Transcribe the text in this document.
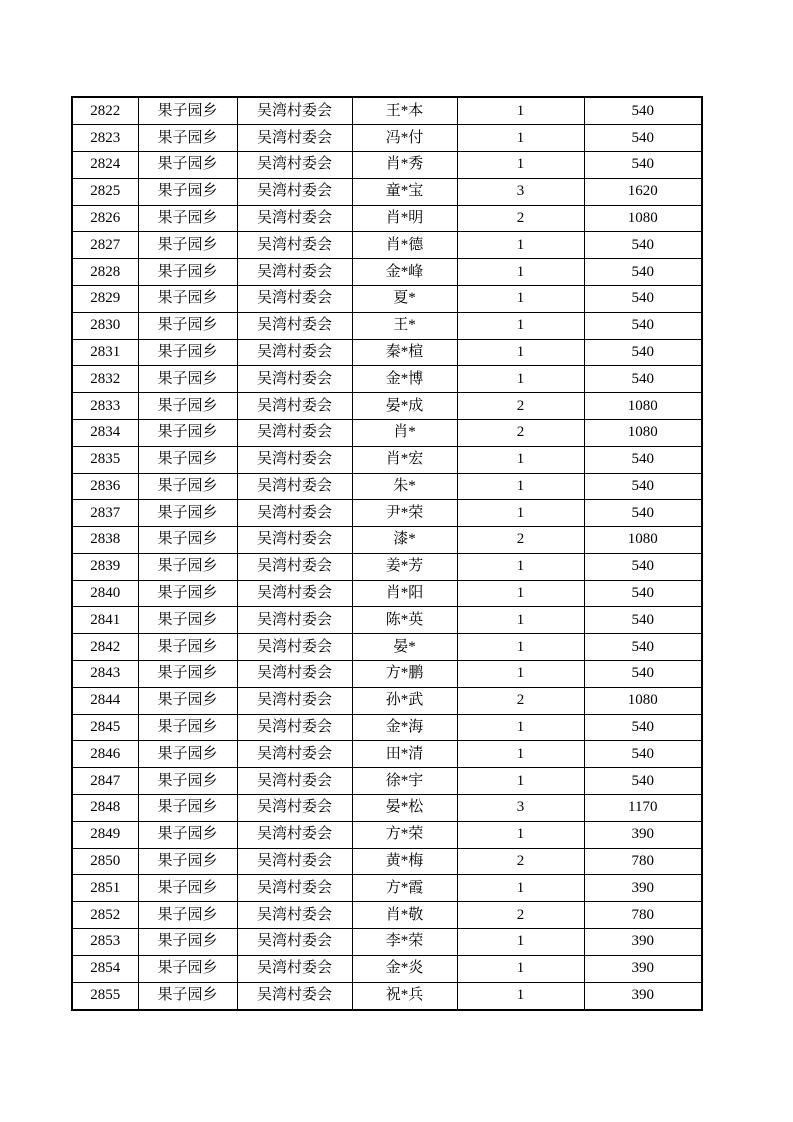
2822	果子园乡	吴湾村委会	王*本	1	540
2823	果子园乡	吴湾村委会	冯*付	1	540
2824	果子园乡	吴湾村委会	肖*秀	1	540
2825	果子园乡	吴湾村委会	童*宝	3	1620
2826	果子园乡	吴湾村委会	肖*明	2	1080
2827	果子园乡	吴湾村委会	肖*德	1	540
2828	果子园乡	吴湾村委会	金*峰	1	540
2829	果子园乡	吴湾村委会	夏*	1	540
2830	果子园乡	吴湾村委会	王*	1	540
2831	果子园乡	吴湾村委会	秦*楦	1	540
2832	果子园乡	吴湾村委会	金*博	1	540
2833	果子园乡	吴湾村委会	晏*成	2	1080
2834	果子园乡	吴湾村委会	肖*	2	1080
2835	果子园乡	吴湾村委会	肖*宏	1	540
2836	果子园乡	吴湾村委会	朱*	1	540
2837	果子园乡	吴湾村委会	尹*荣	1	540
2838	果子园乡	吴湾村委会	漆*	2	1080
2839	果子园乡	吴湾村委会	姜*芳	1	540
2840	果子园乡	吴湾村委会	肖*阳	1	540
2841	果子园乡	吴湾村委会	陈*英	1	540
2842	果子园乡	吴湾村委会	晏*	1	540
2843	果子园乡	吴湾村委会	方*鹏	1	540
2844	果子园乡	吴湾村委会	孙*武	2	1080
2845	果子园乡	吴湾村委会	金*海	1	540
2846	果子园乡	吴湾村委会	田*清	1	540
2847	果子园乡	吴湾村委会	徐*宇	1	540
2848	果子园乡	吴湾村委会	晏*松	3	1170
2849	果子园乡	吴湾村委会	方*荣	1	390
2850	果子园乡	吴湾村委会	黄*梅	2	780
2851	果子园乡	吴湾村委会	方*霞	1	390
2852	果子园乡	吴湾村委会	肖*敬	2	780
2853	果子园乡	吴湾村委会	李*荣	1	390
2854	果子园乡	吴湾村委会	金*炎	1	390
2855	果子园乡	吴湾村委会	祝*兵	1	390
